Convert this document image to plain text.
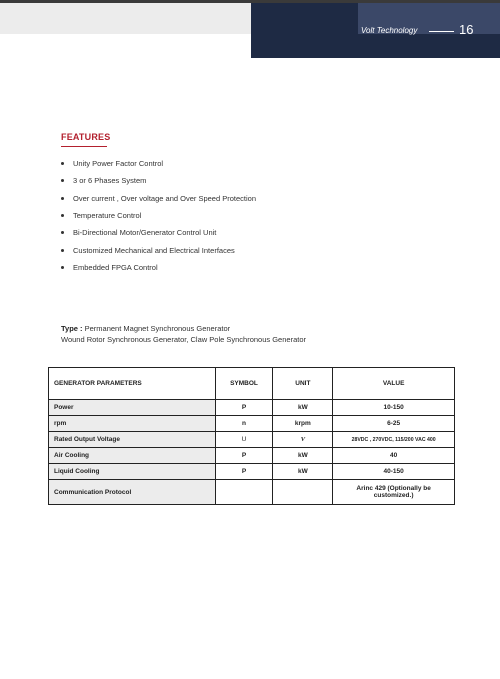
Volt Technology	16
FEATURES
Unity Power Factor Control
3 or 6 Phases System
Over current , Over voltage and Over Speed Protection
Temperature Control
Bi-Directional Motor/Generator Control Unit
Customized Mechanical and Electrical Interfaces
Embedded FPGA Control
Type : Permanent Magnet Synchronous Generator
Wound Rotor Synchronous Generator, Claw Pole Synchronous Generator
GENERATOR PARAMETERS	SYMBOL	UNIT	VALUE
Power	P	kW	10-150
rpm	n	krpm	6-25
Rated Output Voltage	U	V	28VDC , 270VDC, 115/200 VAC 400
Air Cooling	P	kW	40
Liquid Cooling	P	kW	40-150
Communication Protocol			Arinc 429 (Optionally be customized.)
